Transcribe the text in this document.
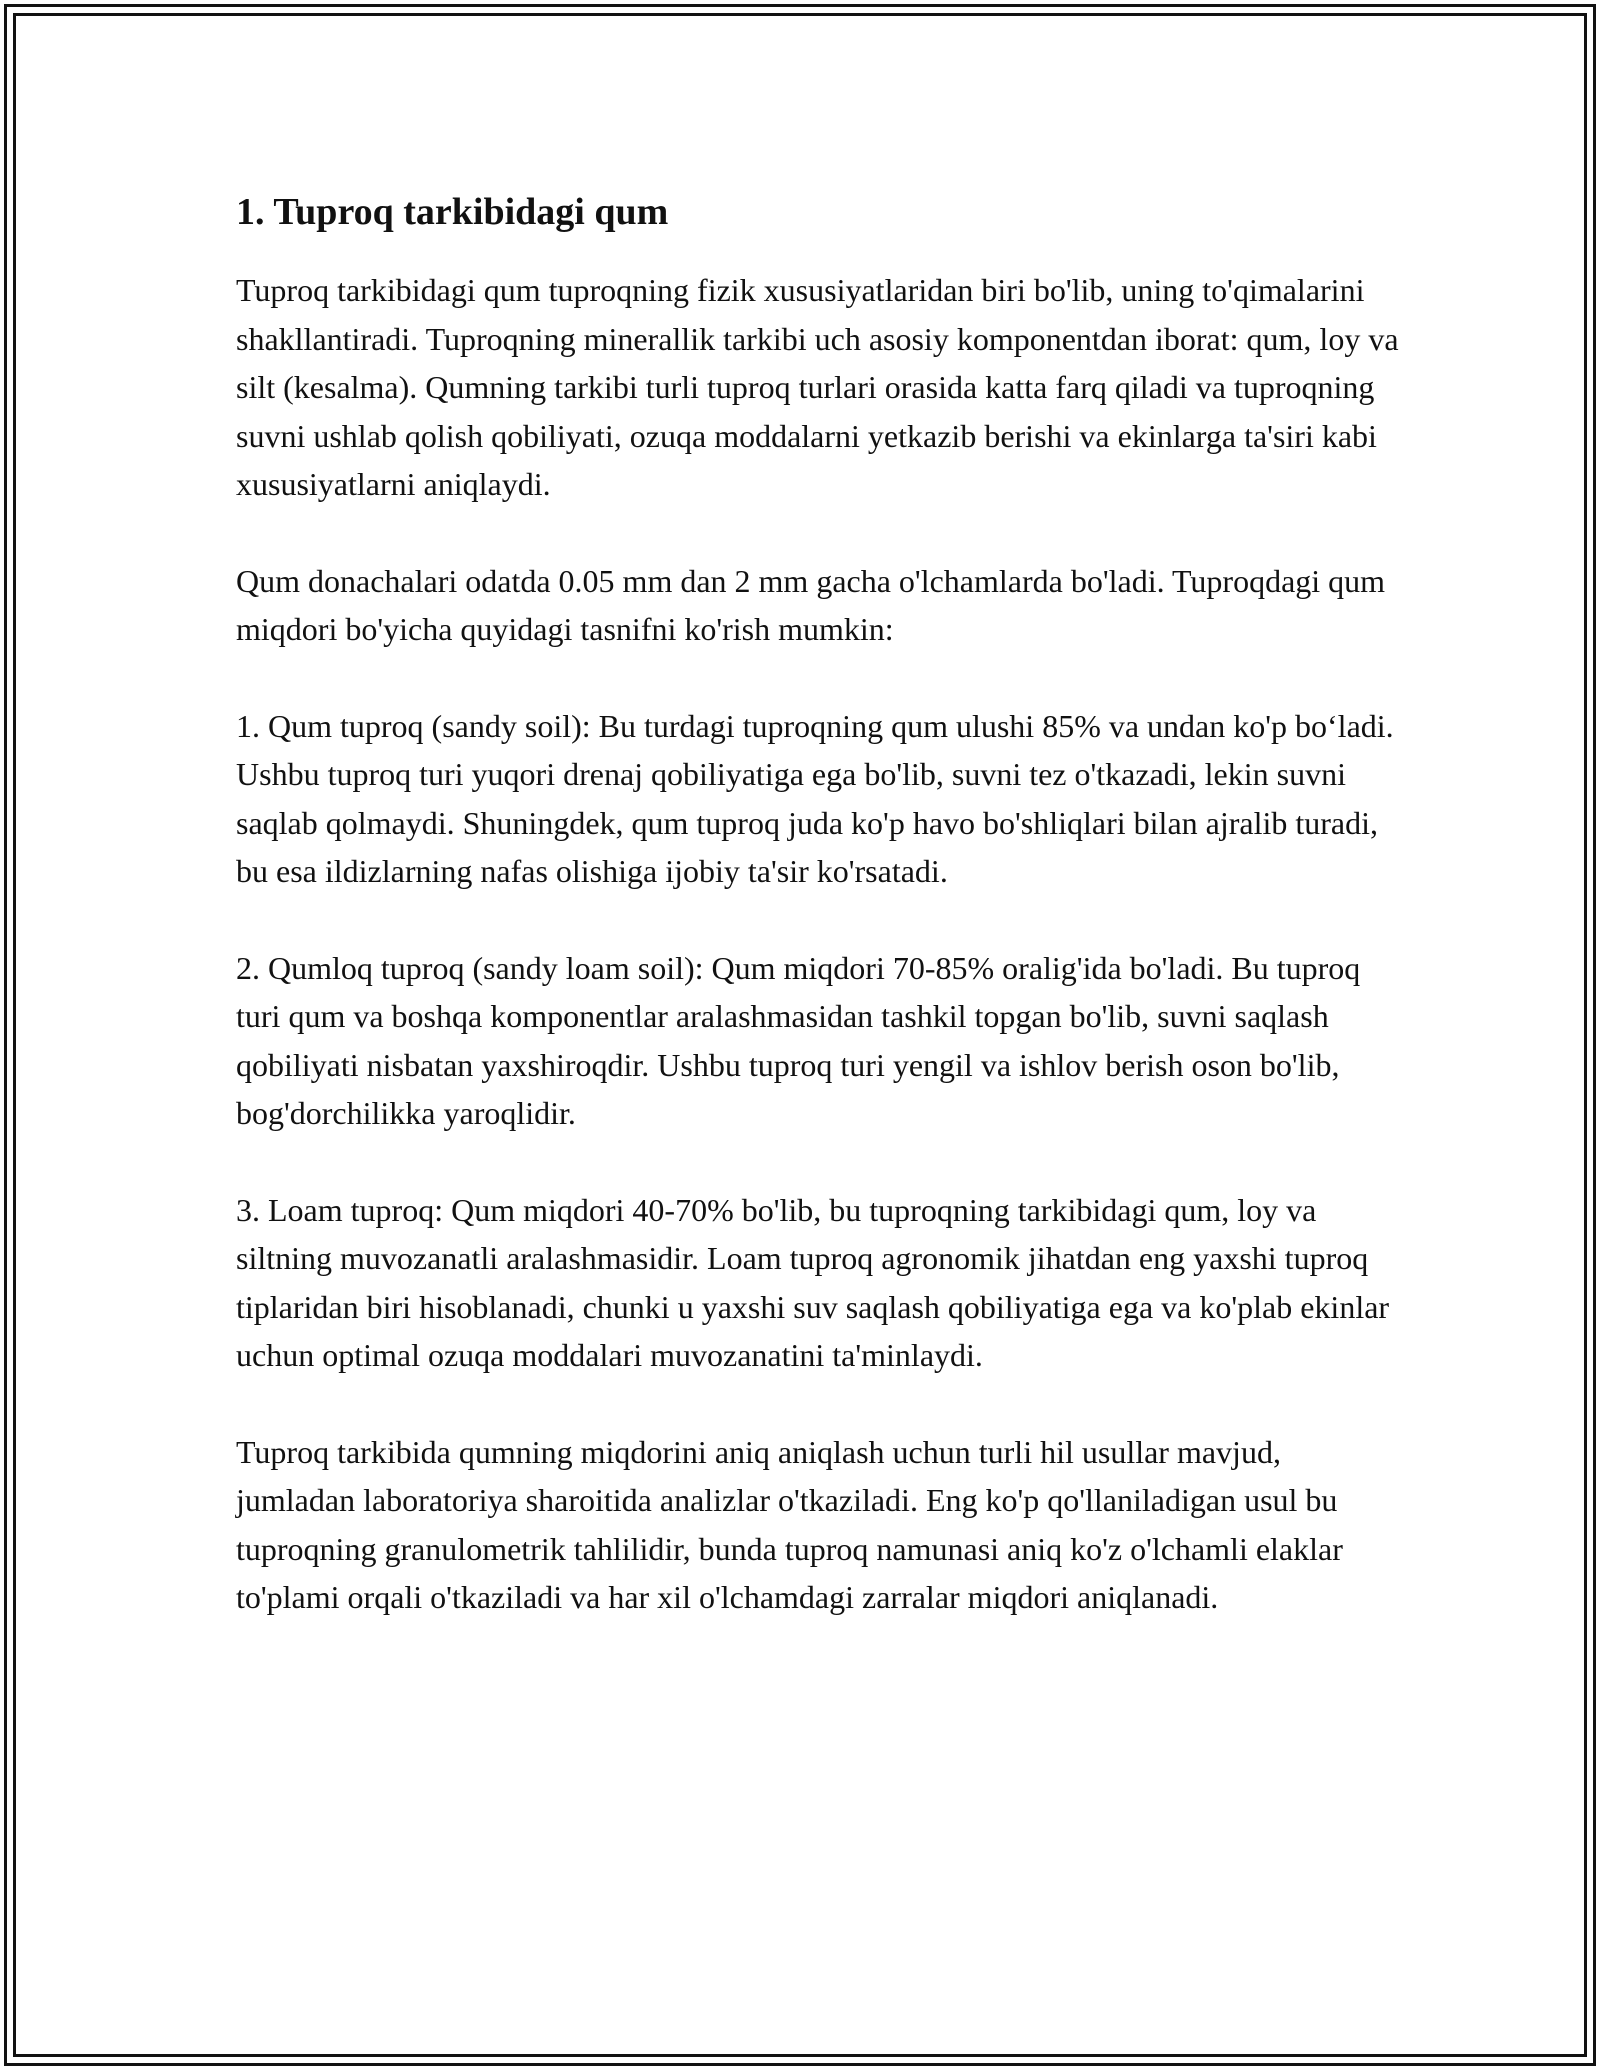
1. Tuproq tarkibidagi qum

Tuproq tarkibidagi qum tuproqning fizik xususiyatlaridan biri bo'lib, uning to'qimalarini shakllantiradi. Tuproqning minerallik tarkibi uch asosiy komponentdan iborat: qum, loy va silt (kesalma). Qumning tarkibi turli tuproq turlari orasida katta farq qiladi va tuproqning suvni ushlab qolish qobiliyati, ozuqa moddalarni yetkazib berishi va ekinlarga ta'siri kabi xususiyatlarni aniqlaydi.

Qum donachalari odatda 0.05 mm dan 2 mm gacha o'lchamlarda bo'ladi. Tuproqdagi qum miqdori bo'yicha quyidagi tasnifni ko'rish mumkin:

1. Qum tuproq (sandy soil): Bu turdagi tuproqning qum ulushi 85% va undan ko'p bo‘ladi. Ushbu tuproq turi yuqori drenaj qobiliyatiga ega bo'lib, suvni tez o'tkazadi, lekin suvni saqlab qolmaydi. Shuningdek, qum tuproq juda ko'p havo bo'shliqlari bilan ajralib turadi, bu esa ildizlarning nafas olishiga ijobiy ta'sir ko'rsatadi.

2. Qumloq tuproq (sandy loam soil): Qum miqdori 70-85% oralig'ida bo'ladi. Bu tuproq turi qum va boshqa komponentlar aralashmasidan tashkil topgan bo'lib, suvni saqlash qobiliyati nisbatan yaxshiroqdir. Ushbu tuproq turi yengil va ishlov berish oson bo'lib, bog'dorchilikka yaroqlidir.

3. Loam tuproq: Qum miqdori 40-70% bo'lib, bu tuproqning tarkibidagi qum, loy va siltning muvozanatli aralashmasidir. Loam tuproq agronomik jihatdan eng yaxshi tuproq tiplaridan biri hisoblanadi, chunki u yaxshi suv saqlash qobiliyatiga ega va ko'plab ekinlar uchun optimal ozuqa moddalari muvozanatini ta'minlaydi.

Tuproq tarkibida qumning miqdorini aniq aniqlash uchun turli hil usullar mavjud, jumladan laboratoriya sharoitida analizlar o'tkaziladi. Eng ko'p qo'llaniladigan usul bu tuproqning granulometrik tahlilidir, bunda tuproq namunasi aniq ko'z o'lchamli elaklar to'plami orqali o'tkaziladi va har xil o'lchamdagi zarralar miqdori aniqlanadi.
